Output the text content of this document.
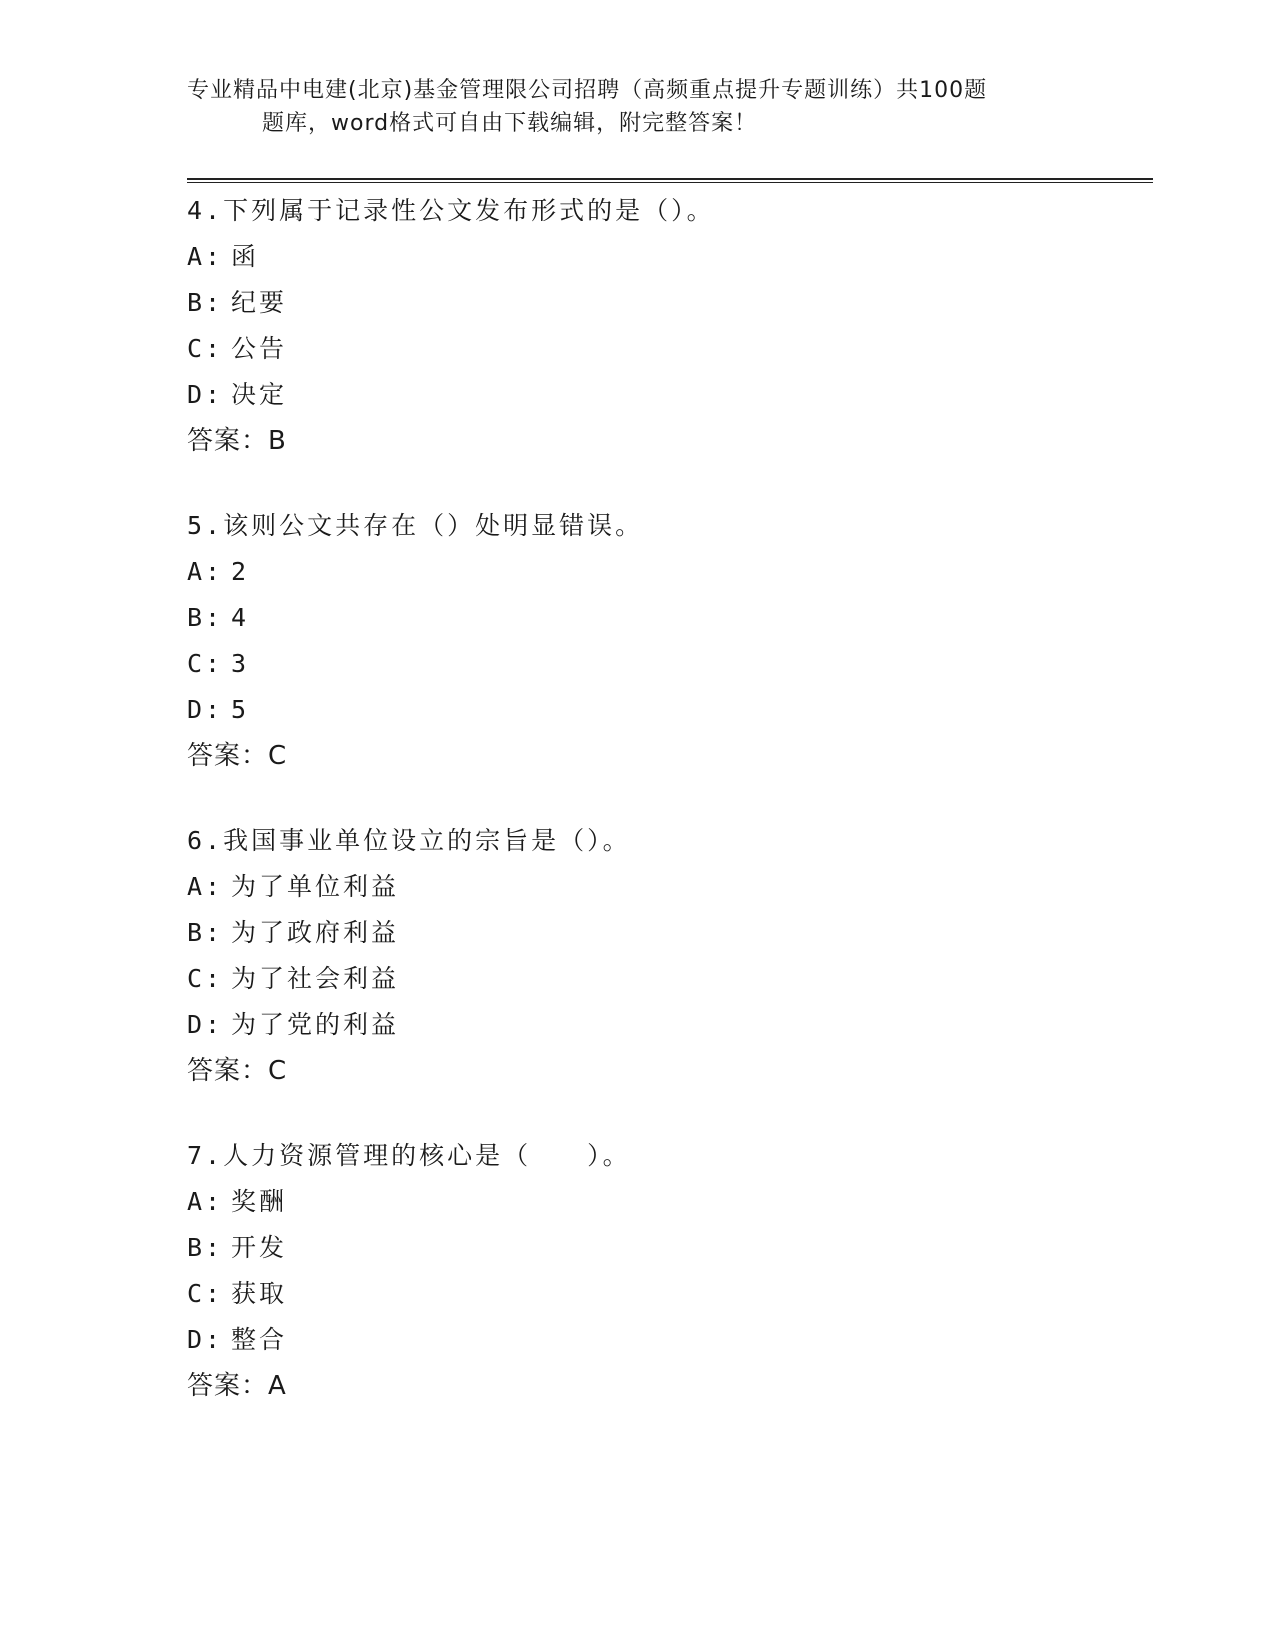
专业精品中电建(北京)基金管理限公司招聘（高频重点提升专题训练）共100题
题库，word格式可自由下载编辑，附完整答案！
4.下列属于记录性公文发布形式的是（）。
A: 函
B: 纪要
C: 公告
D: 决定
答案：B
5.该则公文共存在（）处明显错误。
A: 2
B: 4
C: 3
D: 5
答案：C
6.我国事业单位设立的宗旨是（）。
A: 为了单位利益
B: 为了政府利益
C: 为了社会利益
D: 为了党的利益
答案：C
7.人力资源管理的核心是（　　）。
A: 奖酬
B: 开发
C: 获取
D: 整合
答案：A
